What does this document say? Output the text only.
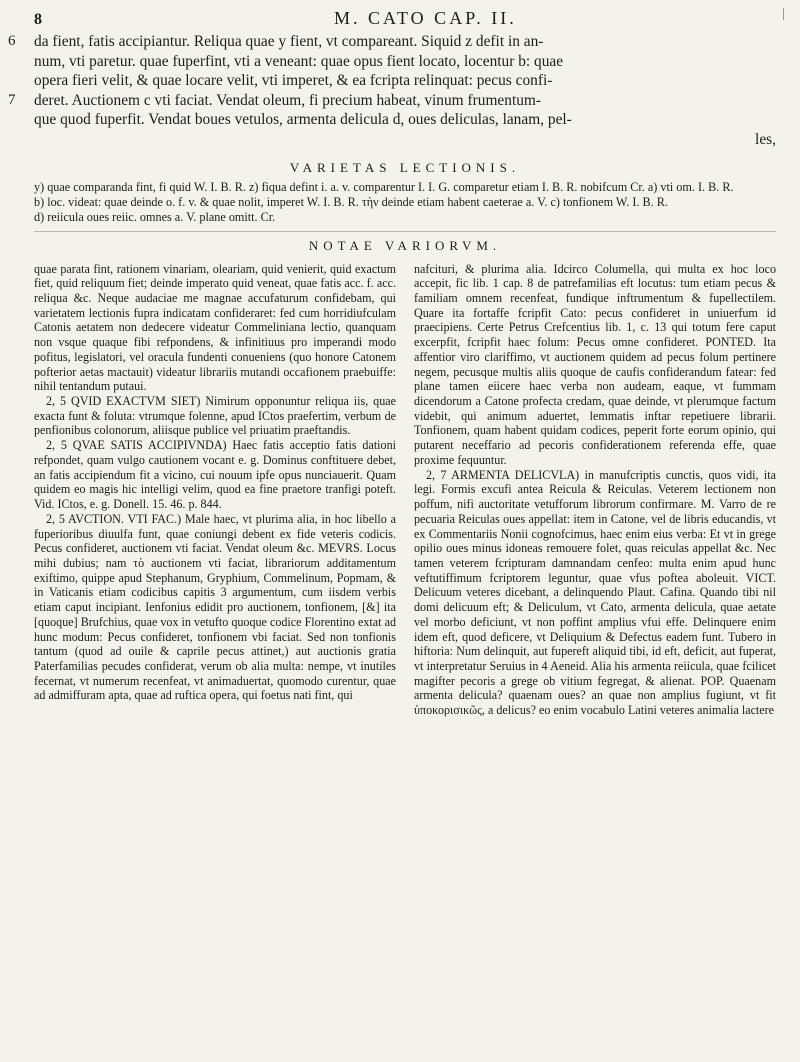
8	M. CATO CAP. II.
6 da fient, fatis accipiantur. Reliqua quae y fient, vt compareant. Siquid z defit in an-
num, vti paretur. quae fuperfint, vti a veneant: quae opus fient locato, locentur b: quae
opera fieri velit, & quae locare velit, vti imperet, & ea fcripta relinquat: pecus confi-
7 deret. Auctionem c vti faciat. Vendat oleum, fi precium habeat, vinum frumentum-
que quod fuperfit. Vendat boues vetulos, armenta delicula d, oues deliculas, lanam, pel-
les,
VARIETAS LECTIONIS.
y) quae comparanda fint, fi quid W. I. B. R. z) fiqua defint i. a. v. comparentur I. I. G. comparetur etiam I. B. R. nobifcum Cr. a) vti om. I. B. R. b) loc. videat: quae deinde o. f. v. & quae nolit, imperet W. I. B. R. τὴν deinde etiam habent caeterae a. V. c) tonfionem W. I. B. R. d) reiicula oues reiic. omnes a. V. plane omitt. Cr.
NOTAE VARIORVM.

quae parata fint, rationem vinariam, oleariam, quid venierit, quid exactum fiet, quid reliquum fiet; deinde imperato quid veneat, quae fatis acc. f. acc. reliqua &c. Neque audaciae me magnae accufaturum confidebam, qui varietatem lectionis fupra indicatam confideraret: fed cum horridiufculam Catonis aetatem non dedecere videatur Commeliniana lectio, quanquam non vsque quaque fibi refpondens, & infinitiuus pro imperandi modo pofitus, legislatori, vel oracula fundenti conueniens (quo honore Catonem pofterior aetas mactauit) videatur librariis mutandi occafionem praebuiffe: nihil tentandum putaui.

2, 5 QVID EXACTVM SIET) Nimirum opponuntur reliqua iis, quae exacta funt & foluta: vtrumque folenne, apud ICtos praefertim, verbum de penfionibus colonorum, aliisque publice vel priuatim praeftandis.

2, 5 QVAE SATIS ACCIPIVNDA) Haec fatis acceptio fatis dationi refpondet, quam vulgo cautionem vocant e. g. Dominus conftituere debet, an fatis accipiendum fit a vicino, cui nouum ipfe opus nunciauerit. Quam quidem eo magis hic intelligi velim, quod ea fine praetore tranfigi poteft. Vid. ICtos, e. g. Donell. 15. 46. p. 844.

2, 5 AVCTION. VTI FAC.) Male haec, vt plurima alia, in hoc libello a fuperioribus diuulfa funt, quae coniungi debent ex fide veteris codicis. Pecus confideret, auctionem vti faciat. Vendat oleum &c. MEVRS. Locus mihi dubius; nam τὸ auctionem vti faciat, librariorum additamentum exiftimo, quippe apud Stephanum, Gryphium, Commelinum, Popmam, & in Vaticanis etiam codicibus capitis 3 argumentum, cum iisdem verbis etiam caput incipiant. Ienfonius edidit pro auctionem, tonfionem, [&] ita [quoque] Brufchius, quae vox in vetufto quoque codice Florentino extat ad hunc modum: Pecus confideret, tonfionem vbi faciat. Sed non tonfionis tantum (quod ad ouile & caprile pecus attinet,) aut auctionis gratia Paterfamilias pecudes confiderat, verum ob alia multa: nempe, vt inutiles fecernat, vt numerum recenfeat, vt animaduertat, quomodo curentur, quae ad admiffuram apta, quae ad ruftica opera, qui foetus nati fint, qui

nafcituri, & plurima alia. Idcirco Columella, qui multa ex hoc loco accepit, fic lib. 1 cap. 8 de patrefamilias eft locutus: tum etiam pecus & familiam omnem recenfeat, fundique inftrumentum & fupellectilem. Quare ita fortaffe fcripfit Cato: pecus confideret in uniuerfum id praecipiens. Certe Petrus Crefcentius lib. 1, c. 13 qui totum fere caput excerpfit, fcripfit haec folum: Pecus omne confideret. PONTED. Ita affentior viro clariffimo, vt auctionem quidem ad pecus folum pertinere negem, pecusque multis aliis quoque de caufis confiderandum fatear: fed plane tamen eiicere haec verba non audeam, eaque, vt fummam dicendorum a Catone profecta credam, quae deinde, vt plerumque factum videbit, qui animum aduertet, lemmatis inftar repetiuere librarii. Tonfionem, quam habent quidam codices, peperit forte eorum opinio, qui putarent neceffario ad pecoris confiderationem referenda effe, quae proxime fequuntur.

2, 7 ARMENTA DELICVLA) in manufcriptis cunctis, quos vidi, ita legi. Formis excufi antea Reicula & Reiculas. Veterem lectionem non poffum, nifi auctoritate vetufforum librorum confirmare. M. Varro de re pecuaria Reiculas oues appellat: item in Catone, vel de libris educandis, vt ex Commentariis Nonii cognofcimus, haec enim eius verba: Et vt in grege opilio oues minus idoneas remouere folet, quas reiculas appellat &c. Nec tamen veterem fcripturam damnandam cenfeo: multa enim apud hunc veftutiffimum fcriptorem leguntur, quae vfus poftea aboleuit. VICT. Delicuum veteres dicebant, a delinquendo Plaut. Cafina. Quando tibi nil domi delicuum eft; & Deliculum, vt Cato, armenta delicula, quae aetate vel morbo deficiunt, vt non poffint amplius vfui effe. Delinquere enim idem eft, quod deficere, vt Deliquium & Defectus eadem funt. Tubero in hiftoria: Num delinquit, aut fupereft aliquid tibi, id eft, deficit, aut fuperat, vt interpretatur Seruius in 4 Aeneid. Alia his armenta reiicula, quae fcilicet magifter pecoris a grege ob vitium fegregat, & alienat. POP. Quaenam armenta delicula? quaenam oues? an quae non amplius fugiunt, vt fit ὑποκορισικῶς, a delicus? eo enim vocabulo Latini veteres animalia lactere
